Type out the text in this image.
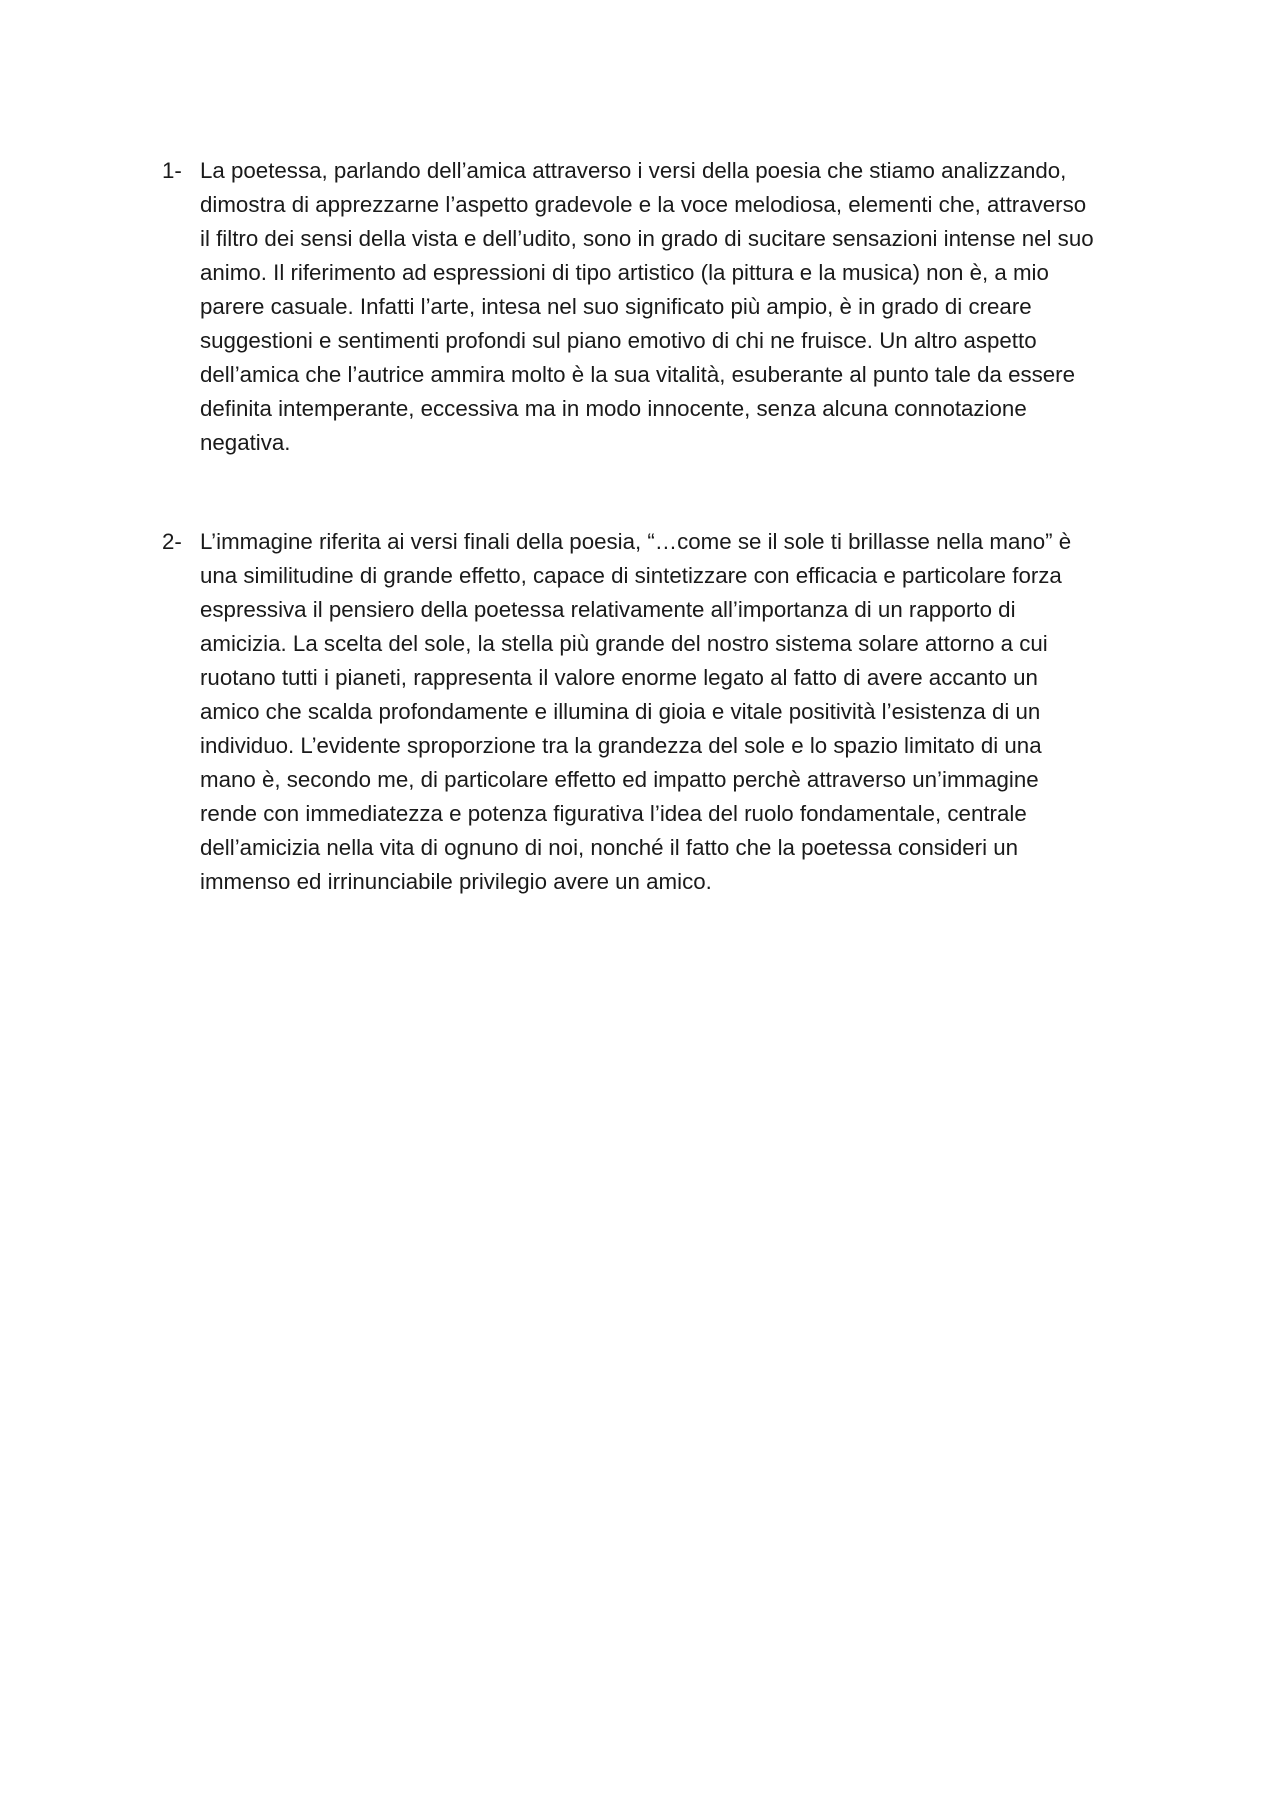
1- La poetessa, parlando dell’amica attraverso i versi della poesia che stiamo analizzando,
dimostra di apprezzarne l’aspetto gradevole e la voce melodiosa, elementi che, attraverso
il filtro dei sensi della vista e dell’udito, sono in grado di sucitare sensazioni intense nel suo
animo. Il riferimento ad espressioni di tipo artistico (la pittura e la musica) non è, a mio
parere casuale. Infatti l’arte, intesa nel suo significato più ampio, è in grado di creare
suggestioni e sentimenti profondi sul piano emotivo di chi ne fruisce. Un altro aspetto
dell’amica che l’autrice ammira molto è la sua vitalità, esuberante al punto tale da essere
definita intemperante, eccessiva ma in modo innocente, senza alcuna connotazione
negativa.
2- L’immagine riferita ai versi finali della poesia, “…come se il sole ti brillasse nella mano” è
una similitudine di grande effetto, capace di sintetizzare con efficacia e particolare forza
espressiva il pensiero della poetessa relativamente all’importanza di un rapporto di
amicizia. La scelta del sole, la stella più grande del nostro sistema solare attorno a cui
ruotano tutti i pianeti, rappresenta il valore enorme legato al fatto di avere accanto un
amico che scalda profondamente e illumina di gioia e vitale positività l’esistenza di un
individuo. L’evidente sproporzione tra la grandezza del sole e lo spazio limitato di una
mano è, secondo me, di particolare effetto ed impatto perchè attraverso un’immagine
rende con immediatezza e potenza figurativa l’idea del ruolo fondamentale, centrale
dell’amicizia nella vita di ognuno di noi, nonché il fatto che la poetessa consideri un
immenso ed irrinunciabile privilegio avere un amico.
